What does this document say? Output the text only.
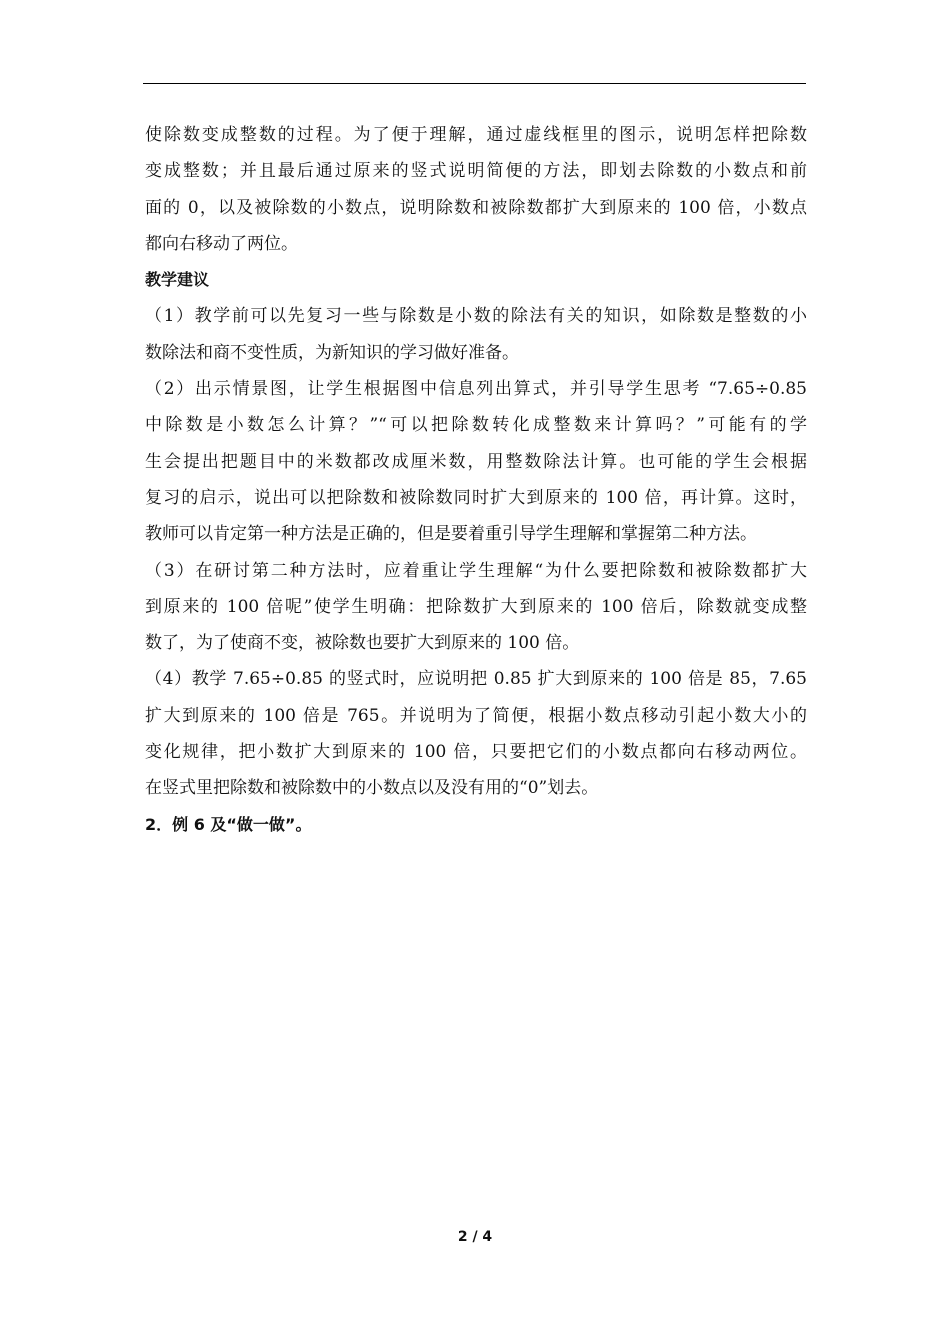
使除数变成整数的过程。为了便于理解，通过虚线框里的图示，说明怎样把除数
变成整数；并且最后通过原来的竖式说明简便的方法，即划去除数的小数点和前
面的 0，以及被除数的小数点，说明除数和被除数都扩大到原来的 100 倍，小数点
都向右移动了两位。
教学建议
（1）教学前可以先复习一些与除数是小数的除法有关的知识，如除数是整数的小
数除法和商不变性质，为新知识的学习做好准备。
（2）出示情景图，让学生根据图中信息列出算式，并引导学生思考 “7.65÷0.85
中除数是小数怎么计算？”“可以把除数转化成整数来计算吗？”可能有的学
生会提出把题目中的米数都改成厘米数，用整数除法计算。也可能的学生会根据
复习的启示，说出可以把除数和被除数同时扩大到原来的 100 倍，再计算。这时，
教师可以肯定第一种方法是正确的，但是要着重引导学生理解和掌握第二种方法。
（3）在研讨第二种方法时，应着重让学生理解“为什么要把除数和被除数都扩大
到原来的 100 倍呢”使学生明确：把除数扩大到原来的 100 倍后，除数就变成整
数了，为了使商不变，被除数也要扩大到原来的 100 倍。
（4）教学 7.65÷0.85 的竖式时，应说明把 0.85 扩大到原来的 100 倍是 85，7.65
扩大到原来的 100 倍是 765。并说明为了简便，根据小数点移动引起小数大小的
变化规律，把小数扩大到原来的 100 倍，只要把它们的小数点都向右移动两位。
在竖式里把除数和被除数中的小数点以及没有用的“0”划去。
2．例 6 及“做一做”。
2 / 4
